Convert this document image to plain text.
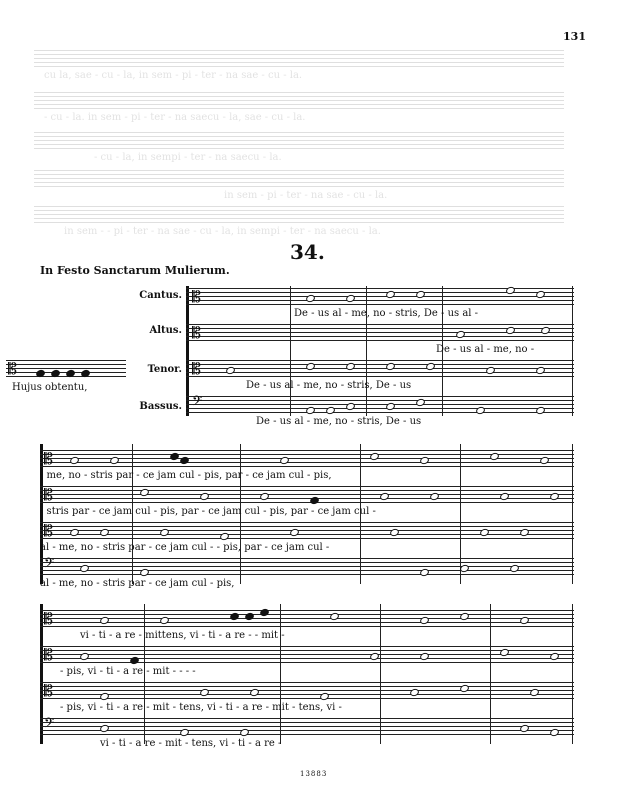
131
cu la, sae - cu - la, in sem - pi - ter - na sae - cu - la.
- cu - la. in sem - pi - ter - na saecu - la, sae - cu - la.
- cu - la, in sempi - ter - na saecu - la.
in sem - pi - ter - na sae - cu - la.
in sem - - pi - ter - na sae - cu - la, in sempi - ter - na saecu - la.
34.
In Festo Sanctarum Mulierum.
Cantus.
Altus.
Tenor.
Bassus.
𝄡
Hujus obtentu,
𝄡
De - us al - me, no - stris, De - us al -
𝄡
De - us al - me, no -
𝄡
De - us al - me, no - stris, De - us
𝄢
De - us al - me, no - stris, De - us
𝄡
- me, no - stris par - ce jam cul - pis, par - ce jam cul - pis,
𝄡
- stris par - ce jam cul - pis, par - ce jam cul - pis, par - ce jam cul -
𝄡
al - me, no - stris par - ce jam cul - - pis, par - ce jam cul -
𝄢
al - me, no - stris par - ce jam cul - pis,
𝄡
vi - ti - a re - mittens, vi - ti - a re - - mit -
𝄡
- pis, vi - ti - a re - mit - - - -
𝄡
- pis, vi - ti - a re - mit - tens, vi - ti - a re - mit - tens, vi -
𝄢
vi - ti - a re - mit - tens, vi - ti - a re -
13883
